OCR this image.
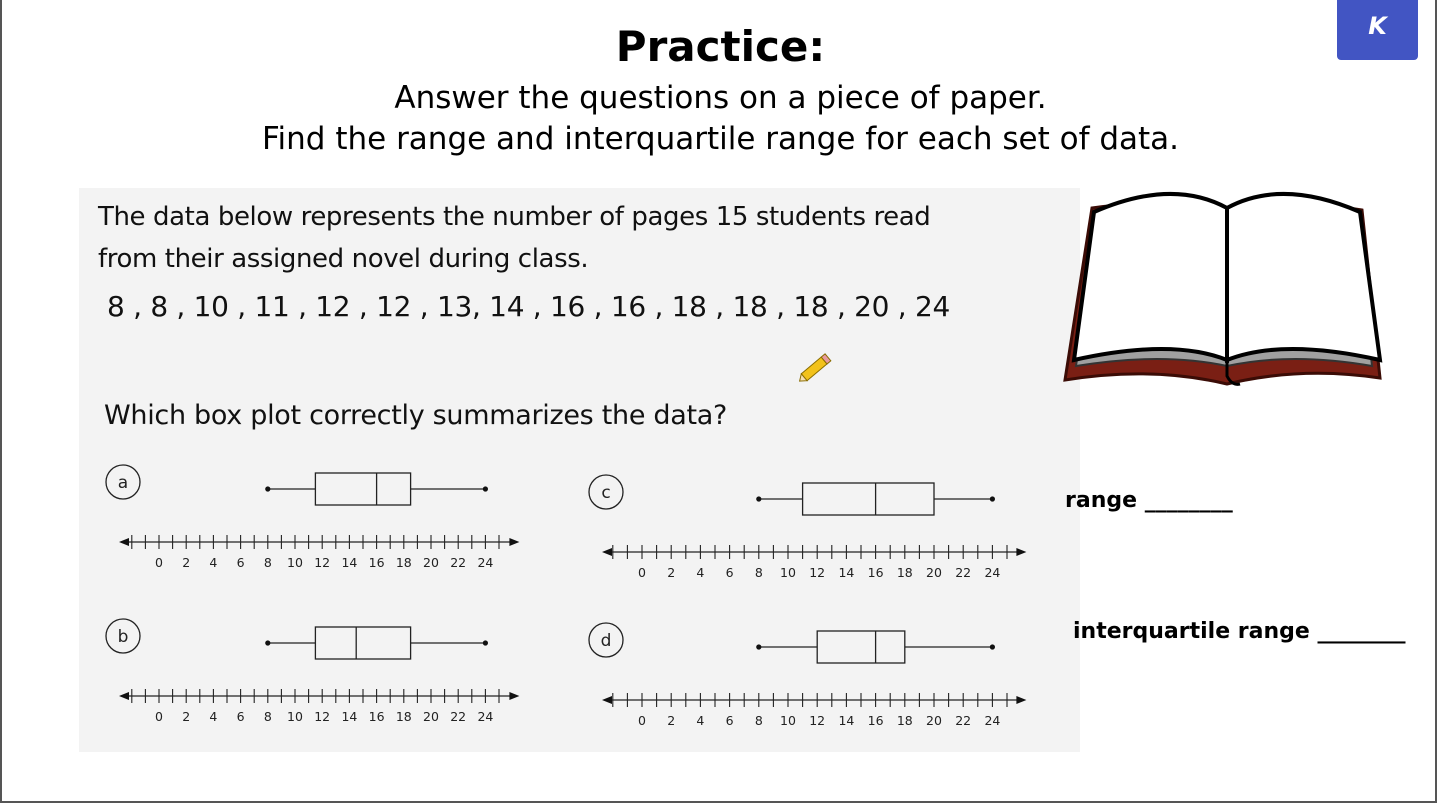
K
Practice:
Answer the questions on a piece of paper.
Find the range and interquartile range for each set of data.
The data below represents the number of pages 15 students read
from their assigned novel during class.
8 , 8 , 10 , 11 , 12 , 12 , 13, 14 , 16 , 16 , 18 , 18 , 18 , 20 , 24
Which box plot correctly summarizes the data?
a
0 2 4 6 8 10 12 14 16 18 20 22 24
c
0 2 4 6 8 10 12 14 16 18 20 22 24
b
0 2 4 6 8 10 12 14 16 18 20 22 24
d
0 2 4 6 8 10 12 14 16 18 20 22 24
range ________
interquartile range ________
